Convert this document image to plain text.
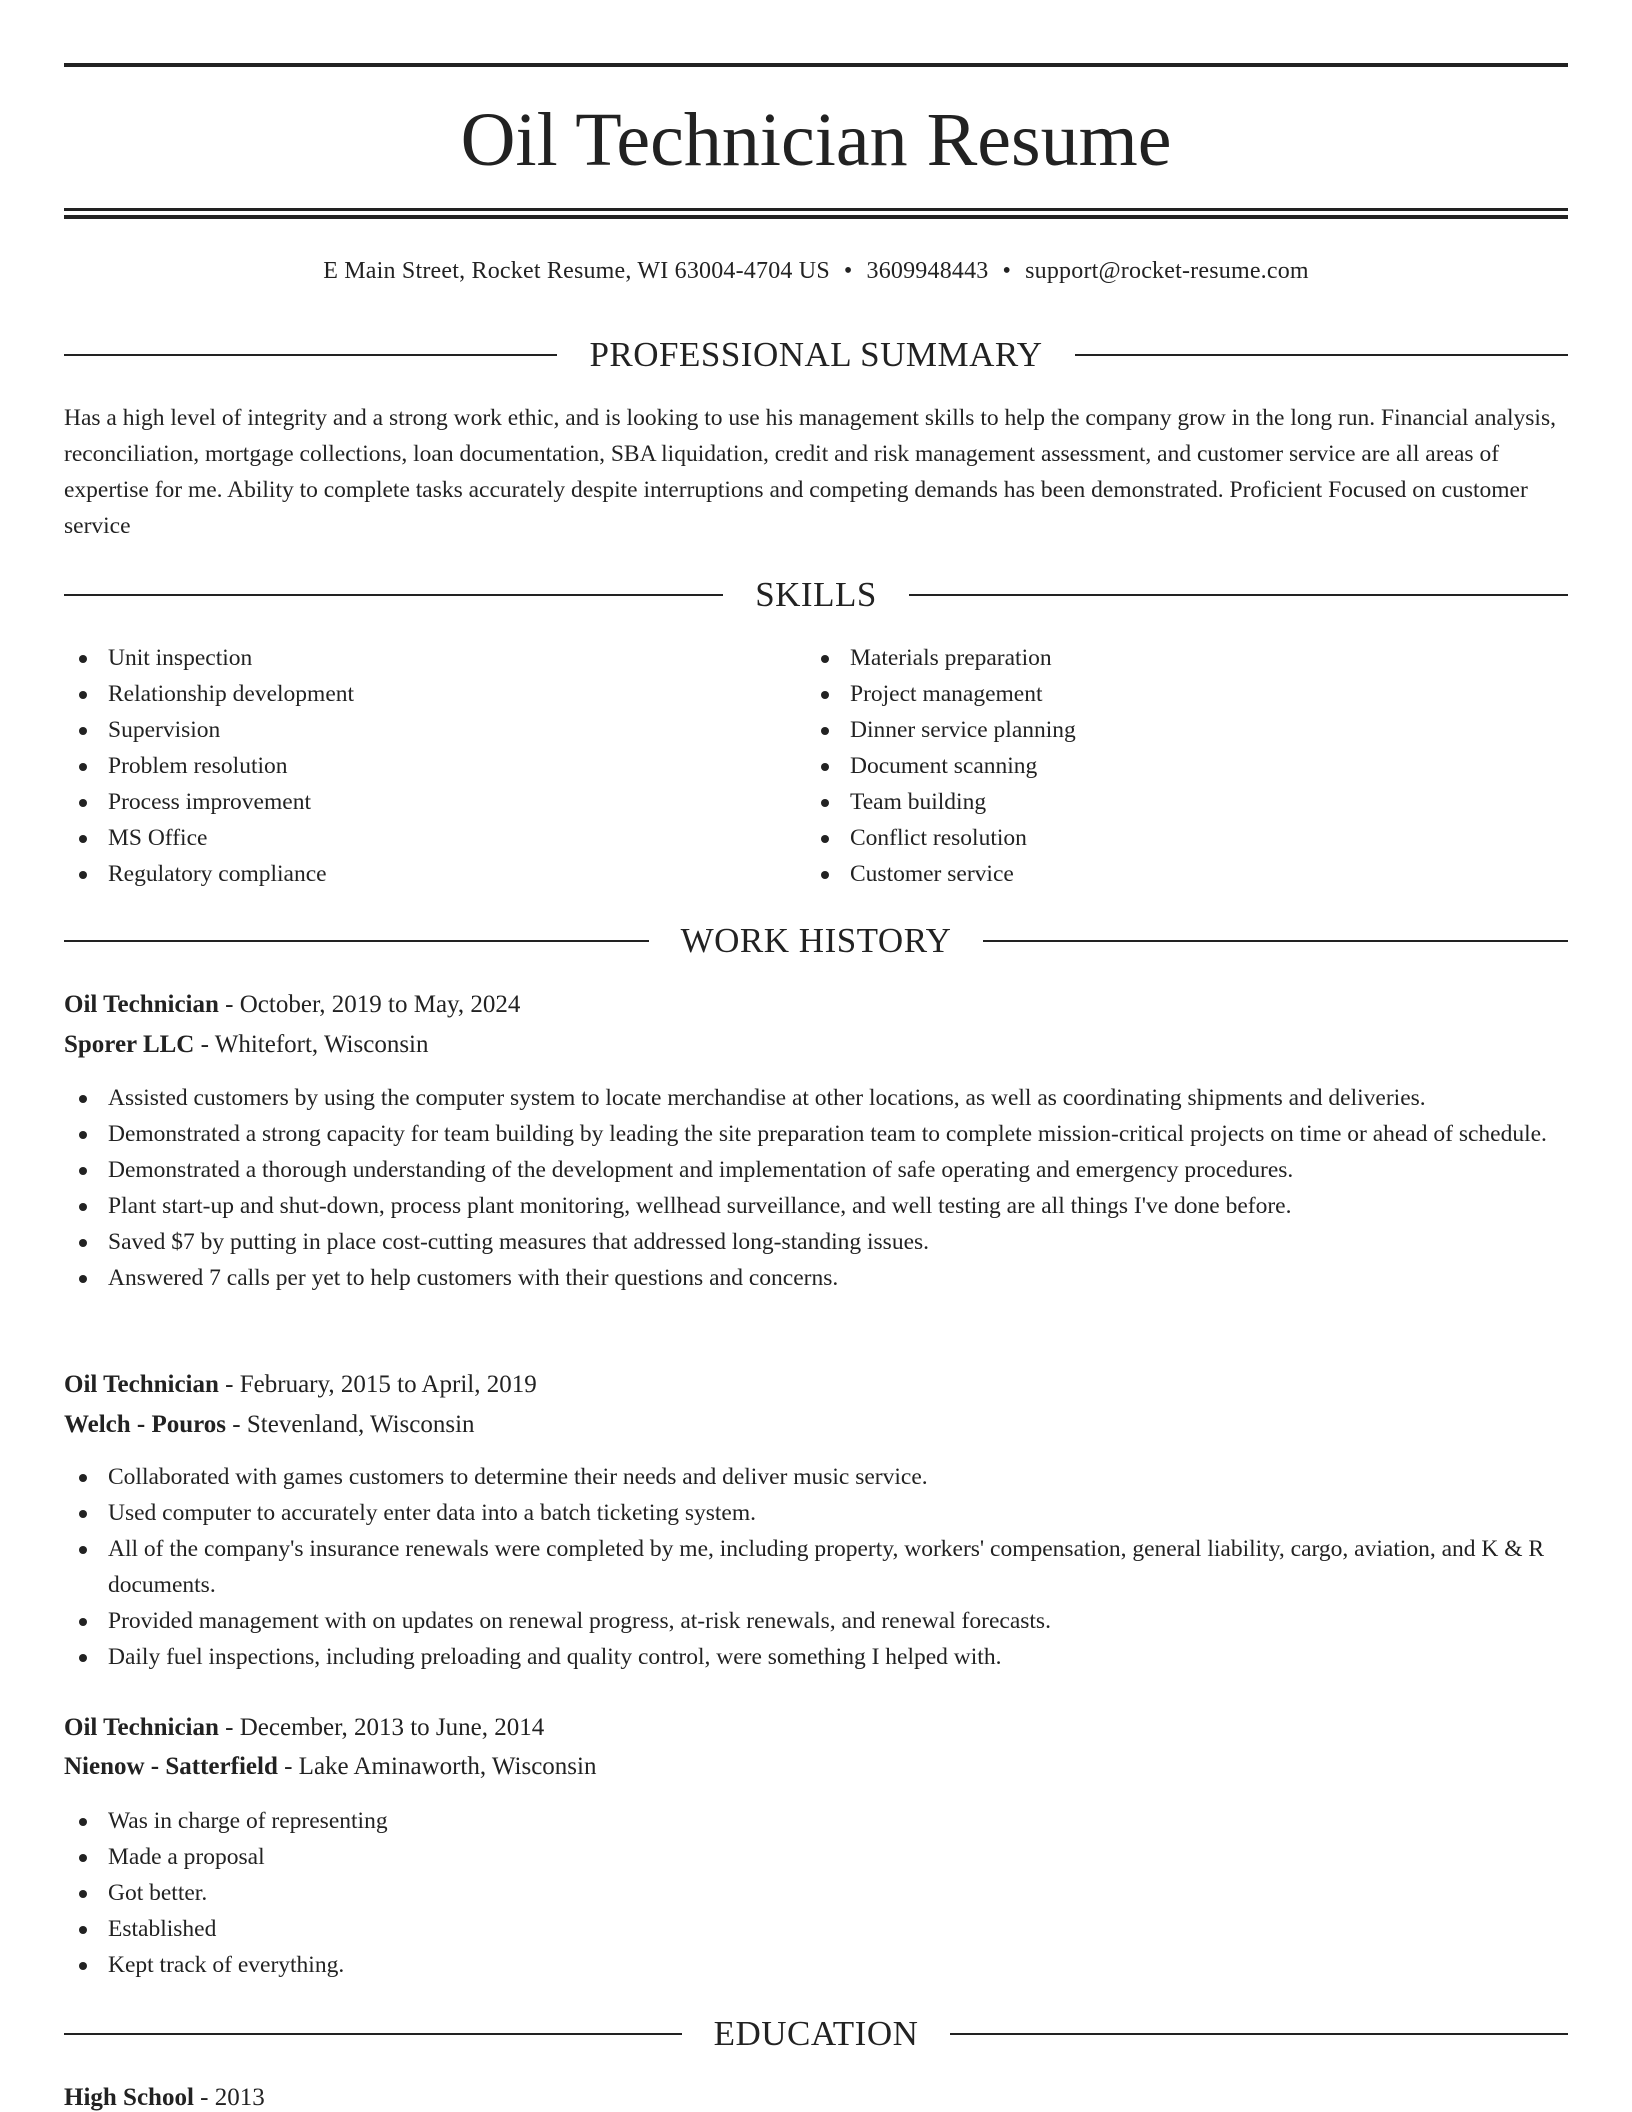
Oil Technician Resume
E Main Street, Rocket Resume, WI 63004-4704 US • 3609948443 • support@rocket-resume.com
PROFESSIONAL SUMMARY

Has a high level of integrity and a strong work ethic, and is looking to use his management skills to help the company grow in the long run. Financial analysis, reconciliation, mortgage collections, loan documentation, SBA liquidation, credit and risk management assessment, and customer service are all areas of expertise for me. Ability to complete tasks accurately despite interruptions and competing demands has been demonstrated. Proficient Focused on customer service

SKILLS
Unit inspection
Relationship development
Supervision
Problem resolution
Process improvement
MS Office
Regulatory compliance
Materials preparation
Project management
Dinner service planning
Document scanning
Team building
Conflict resolution
Customer service
WORK HISTORY
Oil Technician - October, 2019 to May, 2024
Sporer LLC - Whitefort, Wisconsin
Assisted customers by using the computer system to locate merchandise at other locations, as well as coordinating shipments and deliveries.
Demonstrated a strong capacity for team building by leading the site preparation team to complete mission-critical projects on time or ahead of schedule.
Demonstrated a thorough understanding of the development and implementation of safe operating and emergency procedures.
Plant start-up and shut-down, process plant monitoring, wellhead surveillance, and well testing are all things I've done before.
Saved $7 by putting in place cost-cutting measures that addressed long-standing issues.
Answered 7 calls per yet to help customers with their questions and concerns.
Oil Technician - February, 2015 to April, 2019
Welch - Pouros - Stevenland, Wisconsin
Collaborated with games customers to determine their needs and deliver music service.
Used computer to accurately enter data into a batch ticketing system.
All of the company's insurance renewals were completed by me, including property, workers' compensation, general liability, cargo, aviation, and K & R documents.
Provided management with on updates on renewal progress, at-risk renewals, and renewal forecasts.
Daily fuel inspections, including preloading and quality control, were something I helped with.
Oil Technician - December, 2013 to June, 2014
Nienow - Satterfield - Lake Aminaworth, Wisconsin
Was in charge of representing
Made a proposal
Got better.
Established
Kept track of everything.
EDUCATION
High School - 2013
